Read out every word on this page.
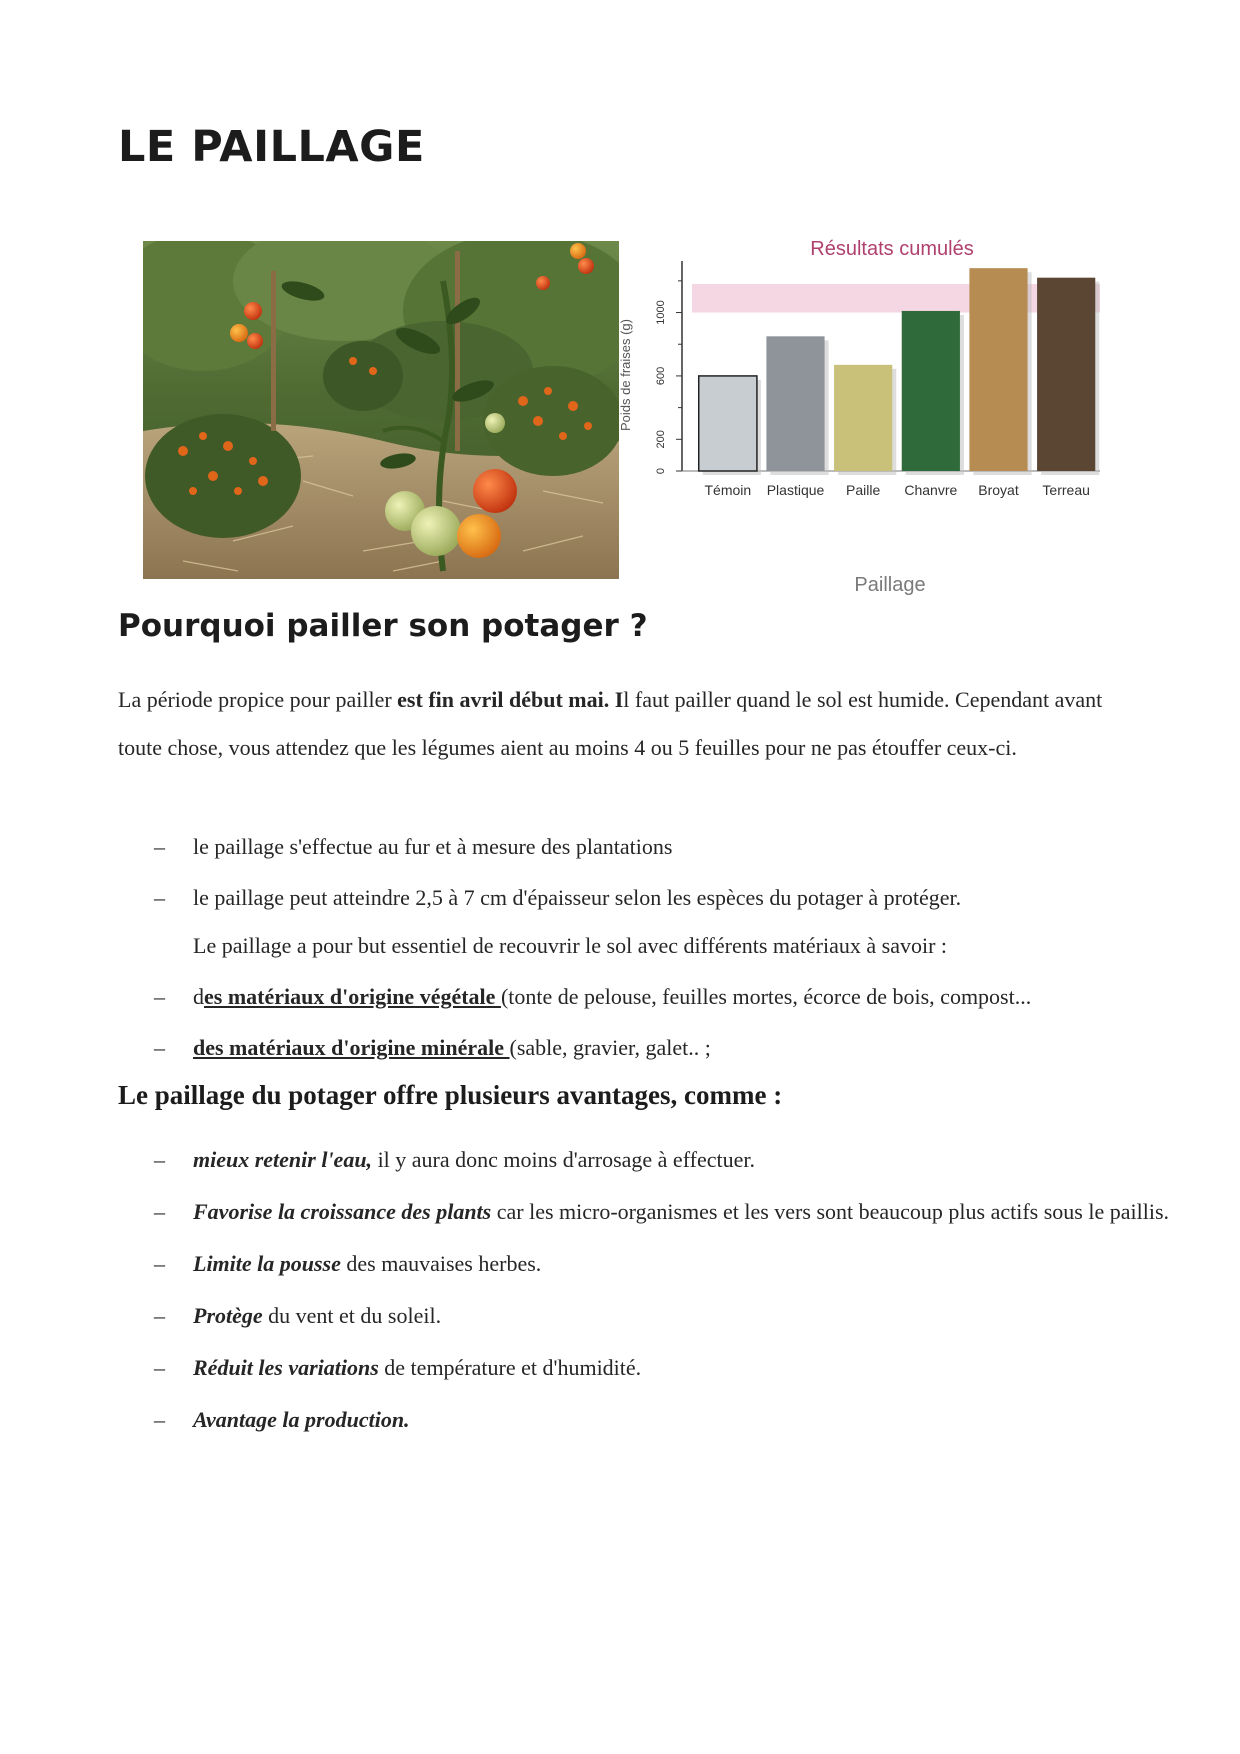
LE PAILLAGE
0
200
600
1000
Témoin Plastique Paille Chanvre Broyat Terreau
Résultats cumulés
Poids de fraises (g)
Paillage
Pourquoi pailler son potager ?

La période propice pour pailler est fin avril début mai. Il faut pailler quand le sol est humide. Cependant avant toute chose, vous attendez que les légumes aient au moins 4 ou 5 feuilles pour ne pas étouffer ceux-ci.

– le paillage s'effectue au fur et à mesure des plantations
– le paillage peut atteindre 2,5 à 7 cm d'épaisseur selon les espèces du potager à protéger.
Le paillage a pour but essentiel de recouvrir le sol avec différents matériaux à savoir :
– des matériaux d'origine végétale (tonte de pelouse, feuilles mortes, écorce de bois, compost...
– des matériaux d'origine minérale (sable, gravier, galet.. ;
Le paillage du potager offre plusieurs avantages, comme :
– mieux retenir l'eau, il y aura donc moins d'arrosage à effectuer.
– Favorise la croissance des plants car les micro-organismes et les vers sont beaucoup plus actifs sous le paillis.
– Limite la pousse des mauvaises herbes.
– Protège du vent et du soleil.
– Réduit les variations de température et d'humidité.
– Avantage la production.
